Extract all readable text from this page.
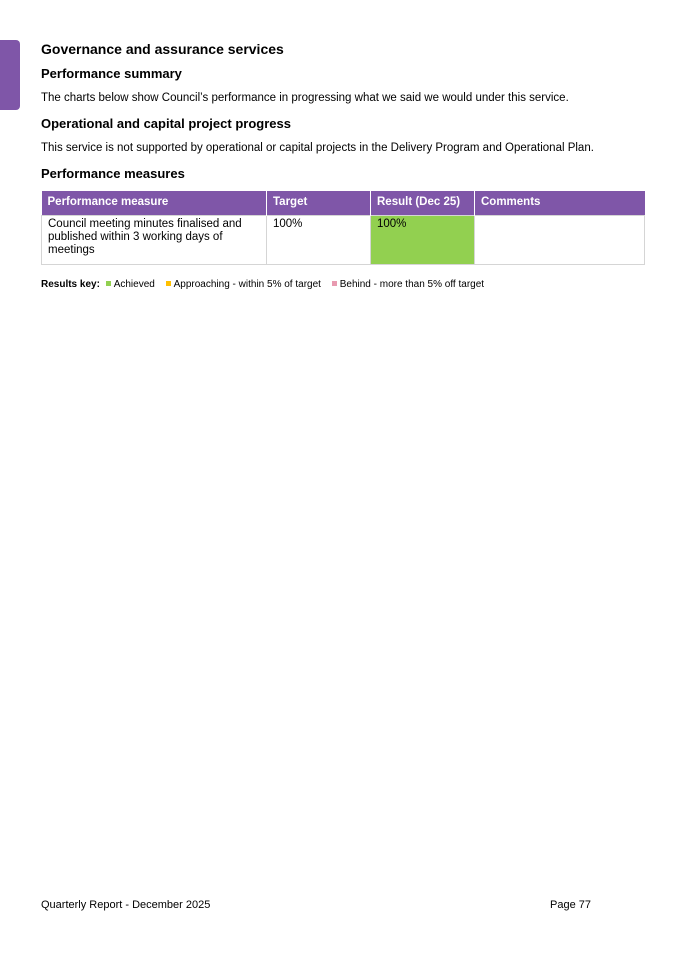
Governance and assurance services
Performance summary

The charts below show Council’s performance in progressing what we said we would under this service.

Operational and capital project progress

This service is not supported by operational or capital projects in the Delivery Program and Operational Plan.

Performance measures
Performance measure	Target	Result (Dec 25)	Comments
Council meeting minutes finalised and published within 3 working days of meetings	100%	100%	
Results key: Achieved Approaching - within 5% of target Behind - more than 5% off target
Quarterly Report - December 2025	Page 77
